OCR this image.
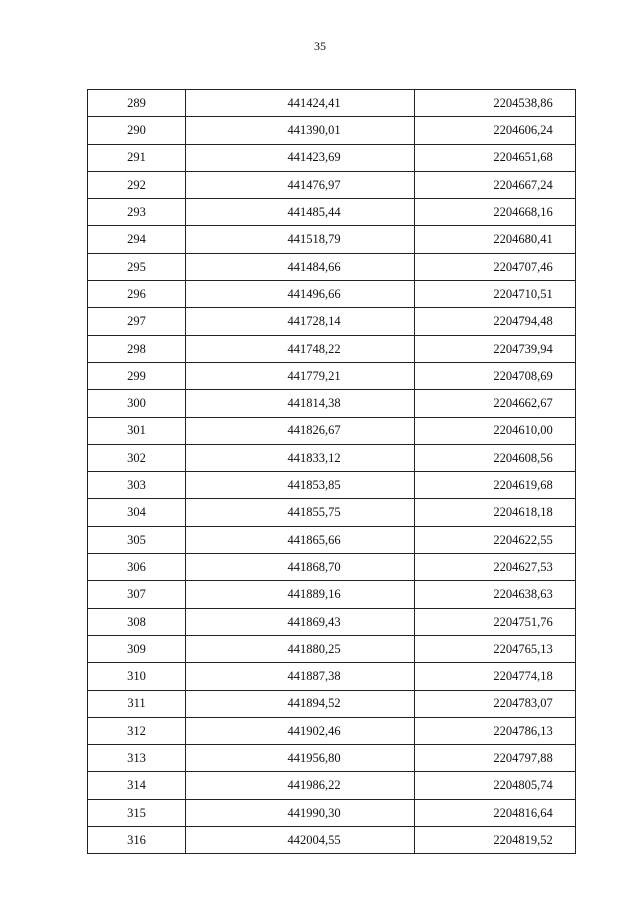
35
289	441424,41	2204538,86
290	441390,01	2204606,24
291	441423,69	2204651,68
292	441476,97	2204667,24
293	441485,44	2204668,16
294	441518,79	2204680,41
295	441484,66	2204707,46
296	441496,66	2204710,51
297	441728,14	2204794,48
298	441748,22	2204739,94
299	441779,21	2204708,69
300	441814,38	2204662,67
301	441826,67	2204610,00
302	441833,12	2204608,56
303	441853,85	2204619,68
304	441855,75	2204618,18
305	441865,66	2204622,55
306	441868,70	2204627,53
307	441889,16	2204638,63
308	441869,43	2204751,76
309	441880,25	2204765,13
310	441887,38	2204774,18
311	441894,52	2204783,07
312	441902,46	2204786,13
313	441956,80	2204797,88
314	441986,22	2204805,74
315	441990,30	2204816,64
316	442004,55	2204819,52
